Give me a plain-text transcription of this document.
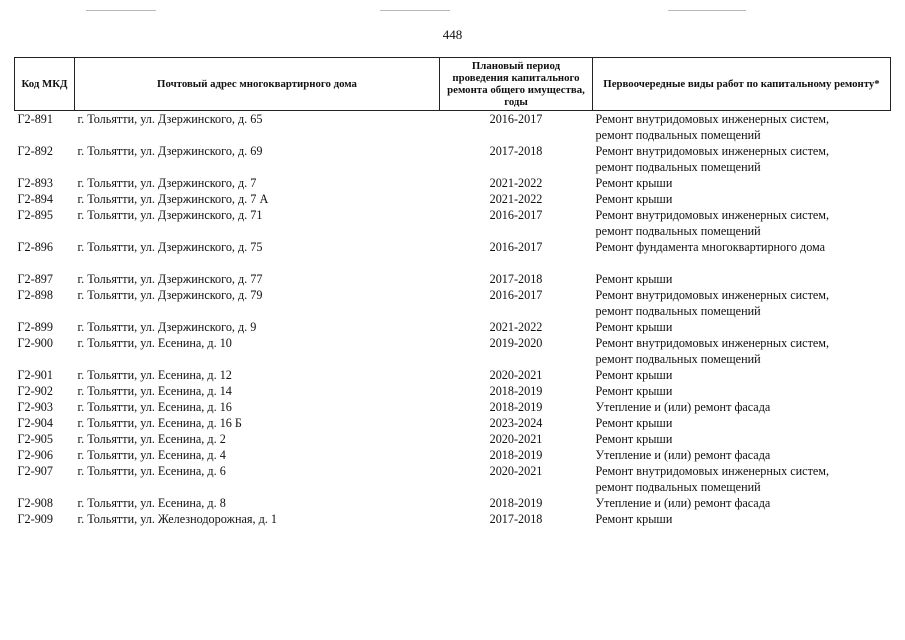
448
Код МКД	Почтовый адрес многоквартирного дома	Плановый период проведения капитального ремонта общего имущества, годы	Первоочередные виды работ по капитальному ремонту*
Г2-891	г. Тольятти, ул. Дзержинского, д. 65	2016-2017	Ремонт внутридомовых инженерных систем,
ремонт подвальных помещений

Г2-892	г. Тольятти, ул. Дзержинского, д. 69	2017-2018	Ремонт внутридомовых инженерных систем,
ремонт подвальных помещений

Г2-893	г. Тольятти, ул. Дзержинского, д. 7	2021-2022	Ремонт крыши

Г2-894	г. Тольятти, ул. Дзержинского, д. 7 А	2021-2022	Ремонт крыши

Г2-895	г. Тольятти, ул. Дзержинского, д. 71	2016-2017	Ремонт внутридомовых инженерных систем,
ремонт подвальных помещений

Г2-896	г. Тольятти, ул. Дзержинского, д. 75	2016-2017	Ремонт фундамента многоквартирного дома

Г2-897	г. Тольятти, ул. Дзержинского, д. 77	2017-2018	Ремонт крыши

Г2-898	г. Тольятти, ул. Дзержинского, д. 79	2016-2017	Ремонт внутридомовых инженерных систем,
ремонт подвальных помещений

Г2-899	г. Тольятти, ул. Дзержинского, д. 9	2021-2022	Ремонт крыши

Г2-900	г. Тольятти, ул. Есенина, д. 10	2019-2020	Ремонт внутридомовых инженерных систем,
ремонт подвальных помещений

Г2-901	г. Тольятти, ул. Есенина, д. 12	2020-2021	Ремонт крыши

Г2-902	г. Тольятти, ул. Есенина, д. 14	2018-2019	Ремонт крыши

Г2-903	г. Тольятти, ул. Есенина, д. 16	2018-2019	Утепление и (или) ремонт фасада

Г2-904	г. Тольятти, ул. Есенина, д. 16 Б	2023-2024	Ремонт крыши

Г2-905	г. Тольятти, ул. Есенина, д. 2	2020-2021	Ремонт крыши

Г2-906	г. Тольятти, ул. Есенина, д. 4	2018-2019	Утепление и (или) ремонт фасада

Г2-907	г. Тольятти, ул. Есенина, д. 6	2020-2021	Ремонт внутридомовых инженерных систем,
ремонт подвальных помещений

Г2-908	г. Тольятти, ул. Есенина, д. 8	2018-2019	Утепление и (или) ремонт фасада

Г2-909	г. Тольятти, ул. Железнодорожная, д. 1	2017-2018	Ремонт крыши
